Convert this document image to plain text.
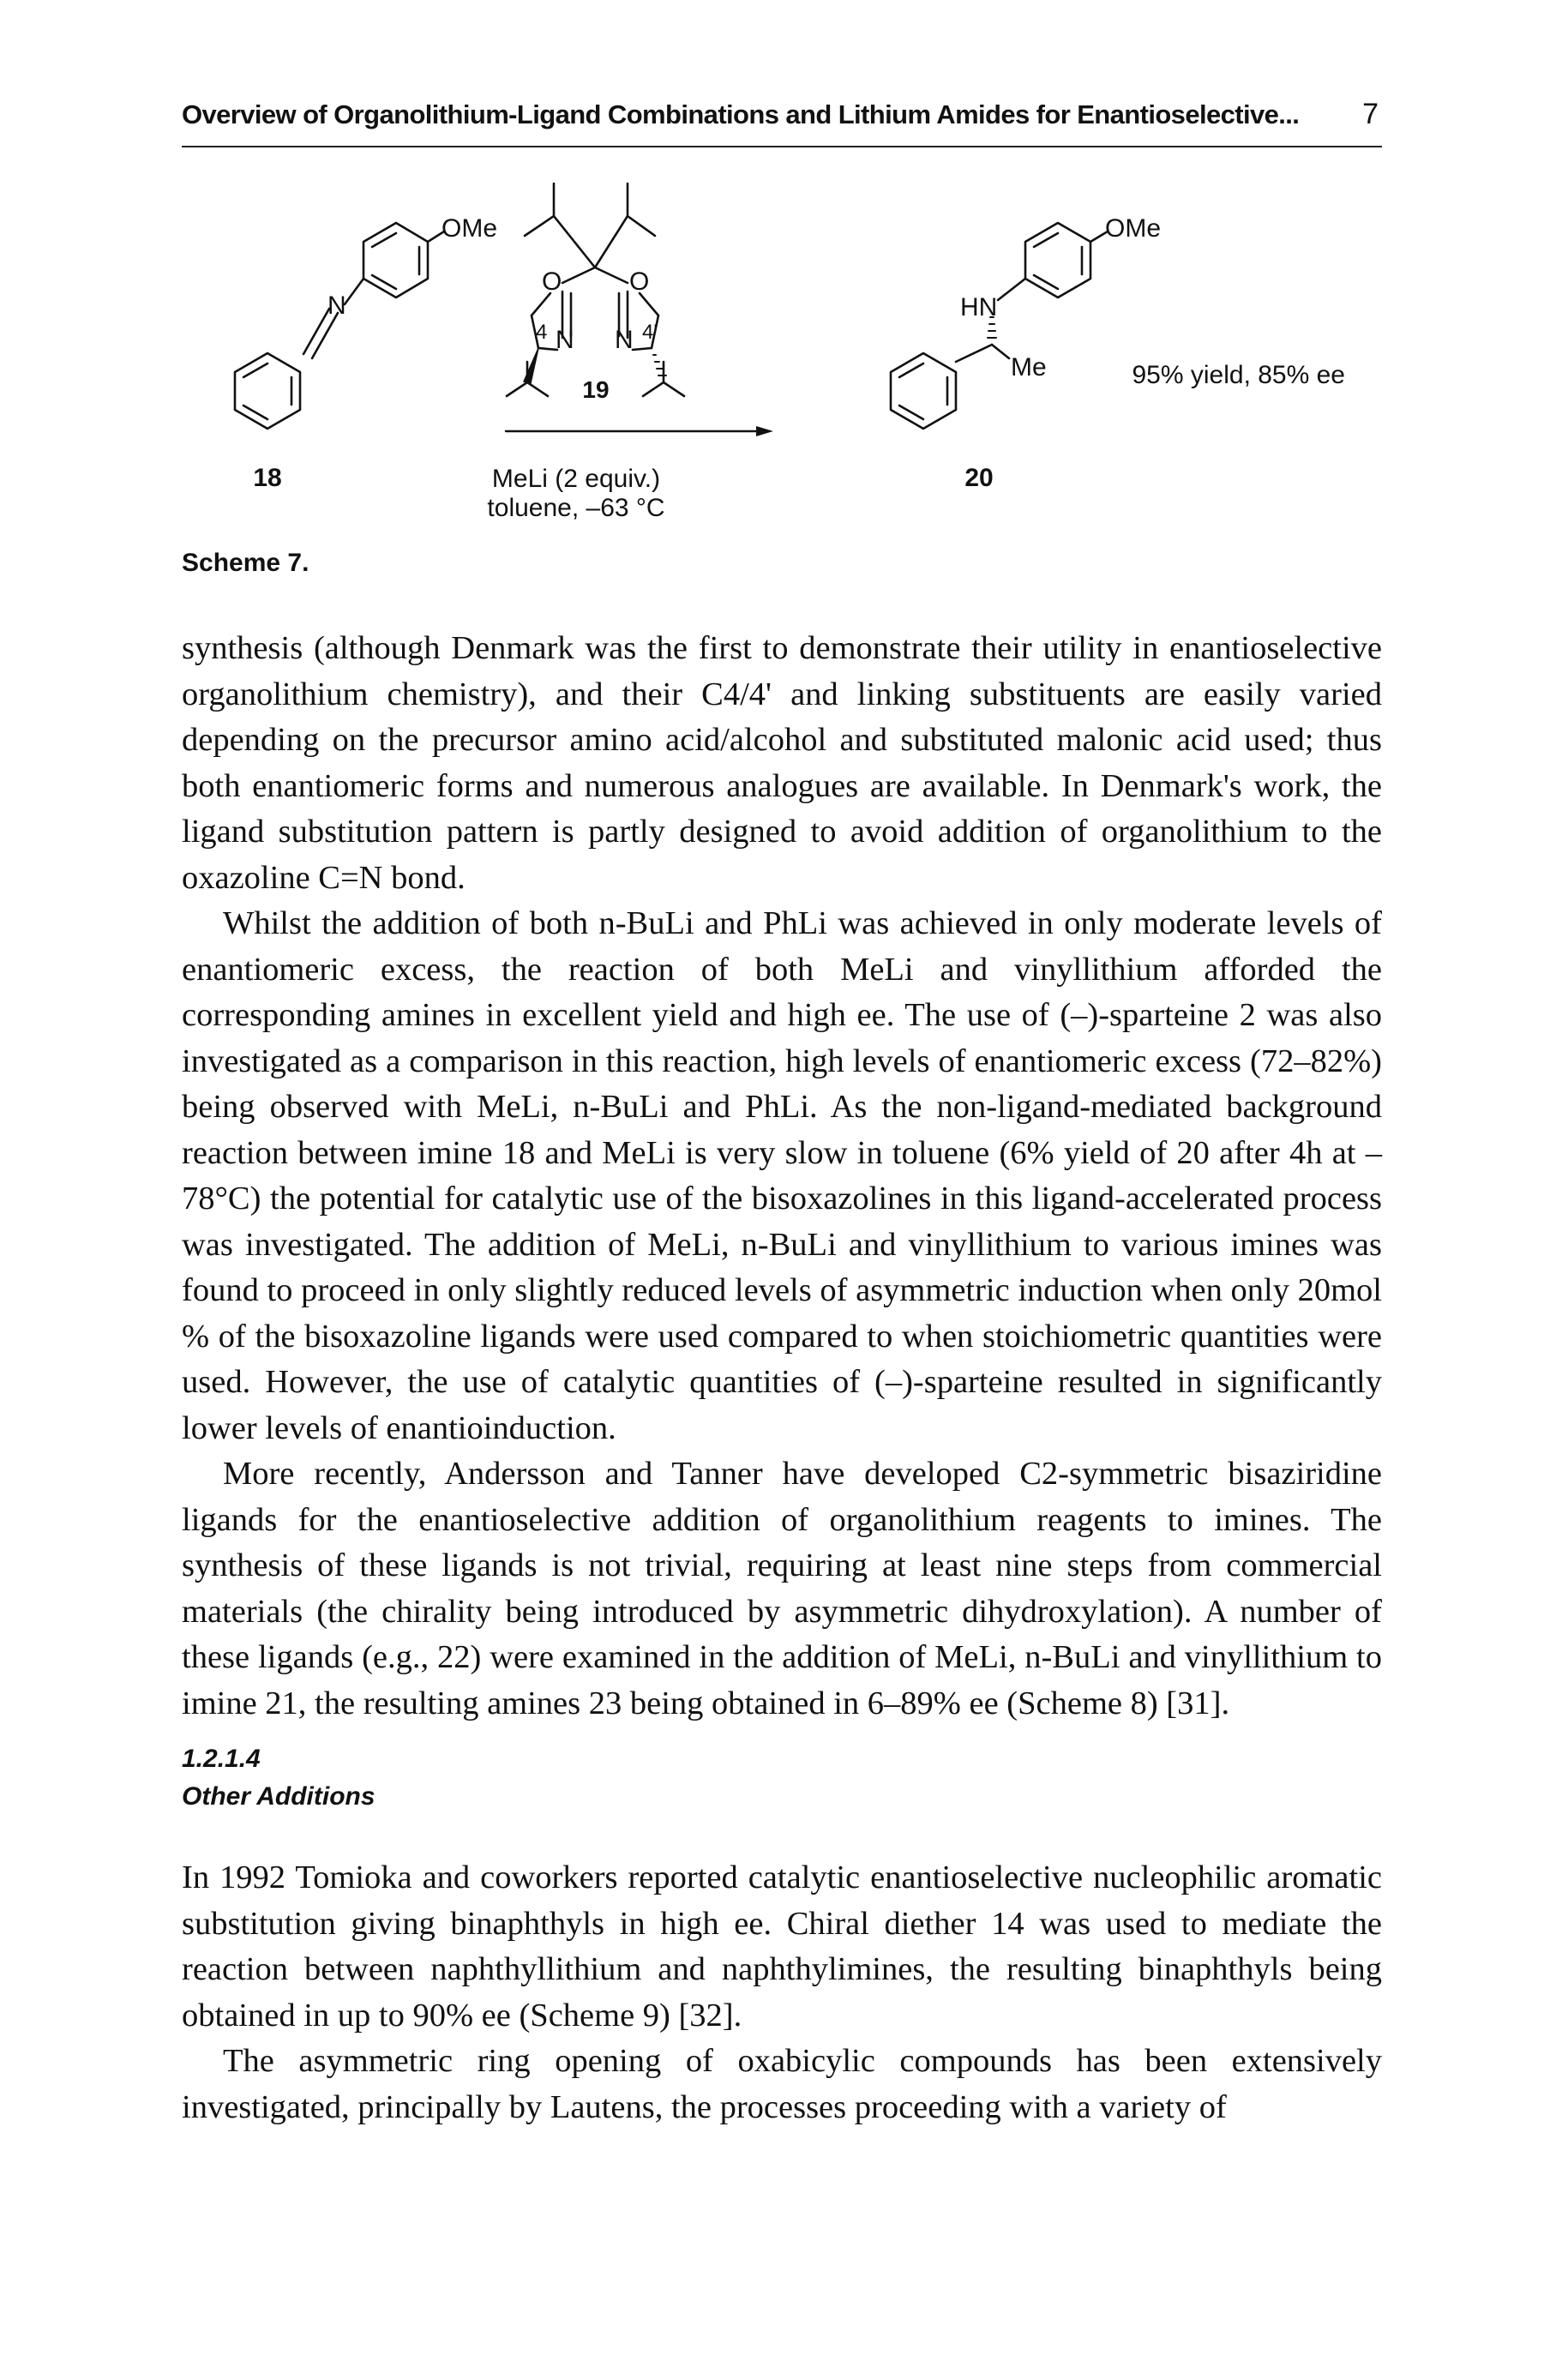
Overview of Organolithium-Ligand Combinations and Lithium Amides for Enantioselective... 7
OMe
N
18
O	O
N N
4	4'
19
MeLi (2 equiv.)
toluene, –63 °C
OMe
HN
Me
20
95% yield, 85% ee
Scheme 7.

synthesis (although Denmark was the first to demonstrate their utility in enantioselective organolithium chemistry), and their C4/4' and linking substituents are easily varied depending on the precursor amino acid/alcohol and substituted malonic acid used; thus both enantiomeric forms and numerous analogues are available. In Denmark's work, the ligand substitution pattern is partly designed to avoid addition of organolithium to the oxazoline C=N bond.

Whilst the addition of both n-BuLi and PhLi was achieved in only moderate levels of enantiomeric excess, the reaction of both MeLi and vinyllithium afforded the corresponding amines in excellent yield and high ee. The use of (–)-sparteine 2 was also investigated as a comparison in this reaction, high levels of enantiomeric excess (72–82%) being observed with MeLi, n-BuLi and PhLi. As the non-ligand-mediated background reaction between imine 18 and MeLi is very slow in toluene (6% yield of 20 after 4h at –78°C) the potential for catalytic use of the bisoxazolines in this ligand-accelerated process was investigated. The addition of MeLi, n-BuLi and vinyllithium to various imines was found to proceed in only slightly reduced levels of asymmetric induction when only 20mol % of the bisoxazoline ligands were used compared to when stoichiometric quantities were used. However, the use of catalytic quantities of (–)-sparteine resulted in significantly lower levels of enantioinduction.

More recently, Andersson and Tanner have developed C2-symmetric bisaziridine ligands for the enantioselective addition of organolithium reagents to imines. The synthesis of these ligands is not trivial, requiring at least nine steps from commercial materials (the chirality being introduced by asymmetric dihydroxylation). A number of these ligands (e.g., 22) were examined in the addition of MeLi, n-BuLi and vinyllithium to imine 21, the resulting amines 23 being obtained in 6–89% ee (Scheme 8) [31].

1.2.1.4
Other Additions

In 1992 Tomioka and coworkers reported catalytic enantioselective nucleophilic aromatic substitution giving binaphthyls in high ee. Chiral diether 14 was used to mediate the reaction between naphthyllithium and naphthylimines, the resulting binaphthyls being obtained in up to 90% ee (Scheme 9) [32].

The asymmetric ring opening of oxabicylic compounds has been extensively investigated, principally by Lautens, the processes proceeding with a variety of
